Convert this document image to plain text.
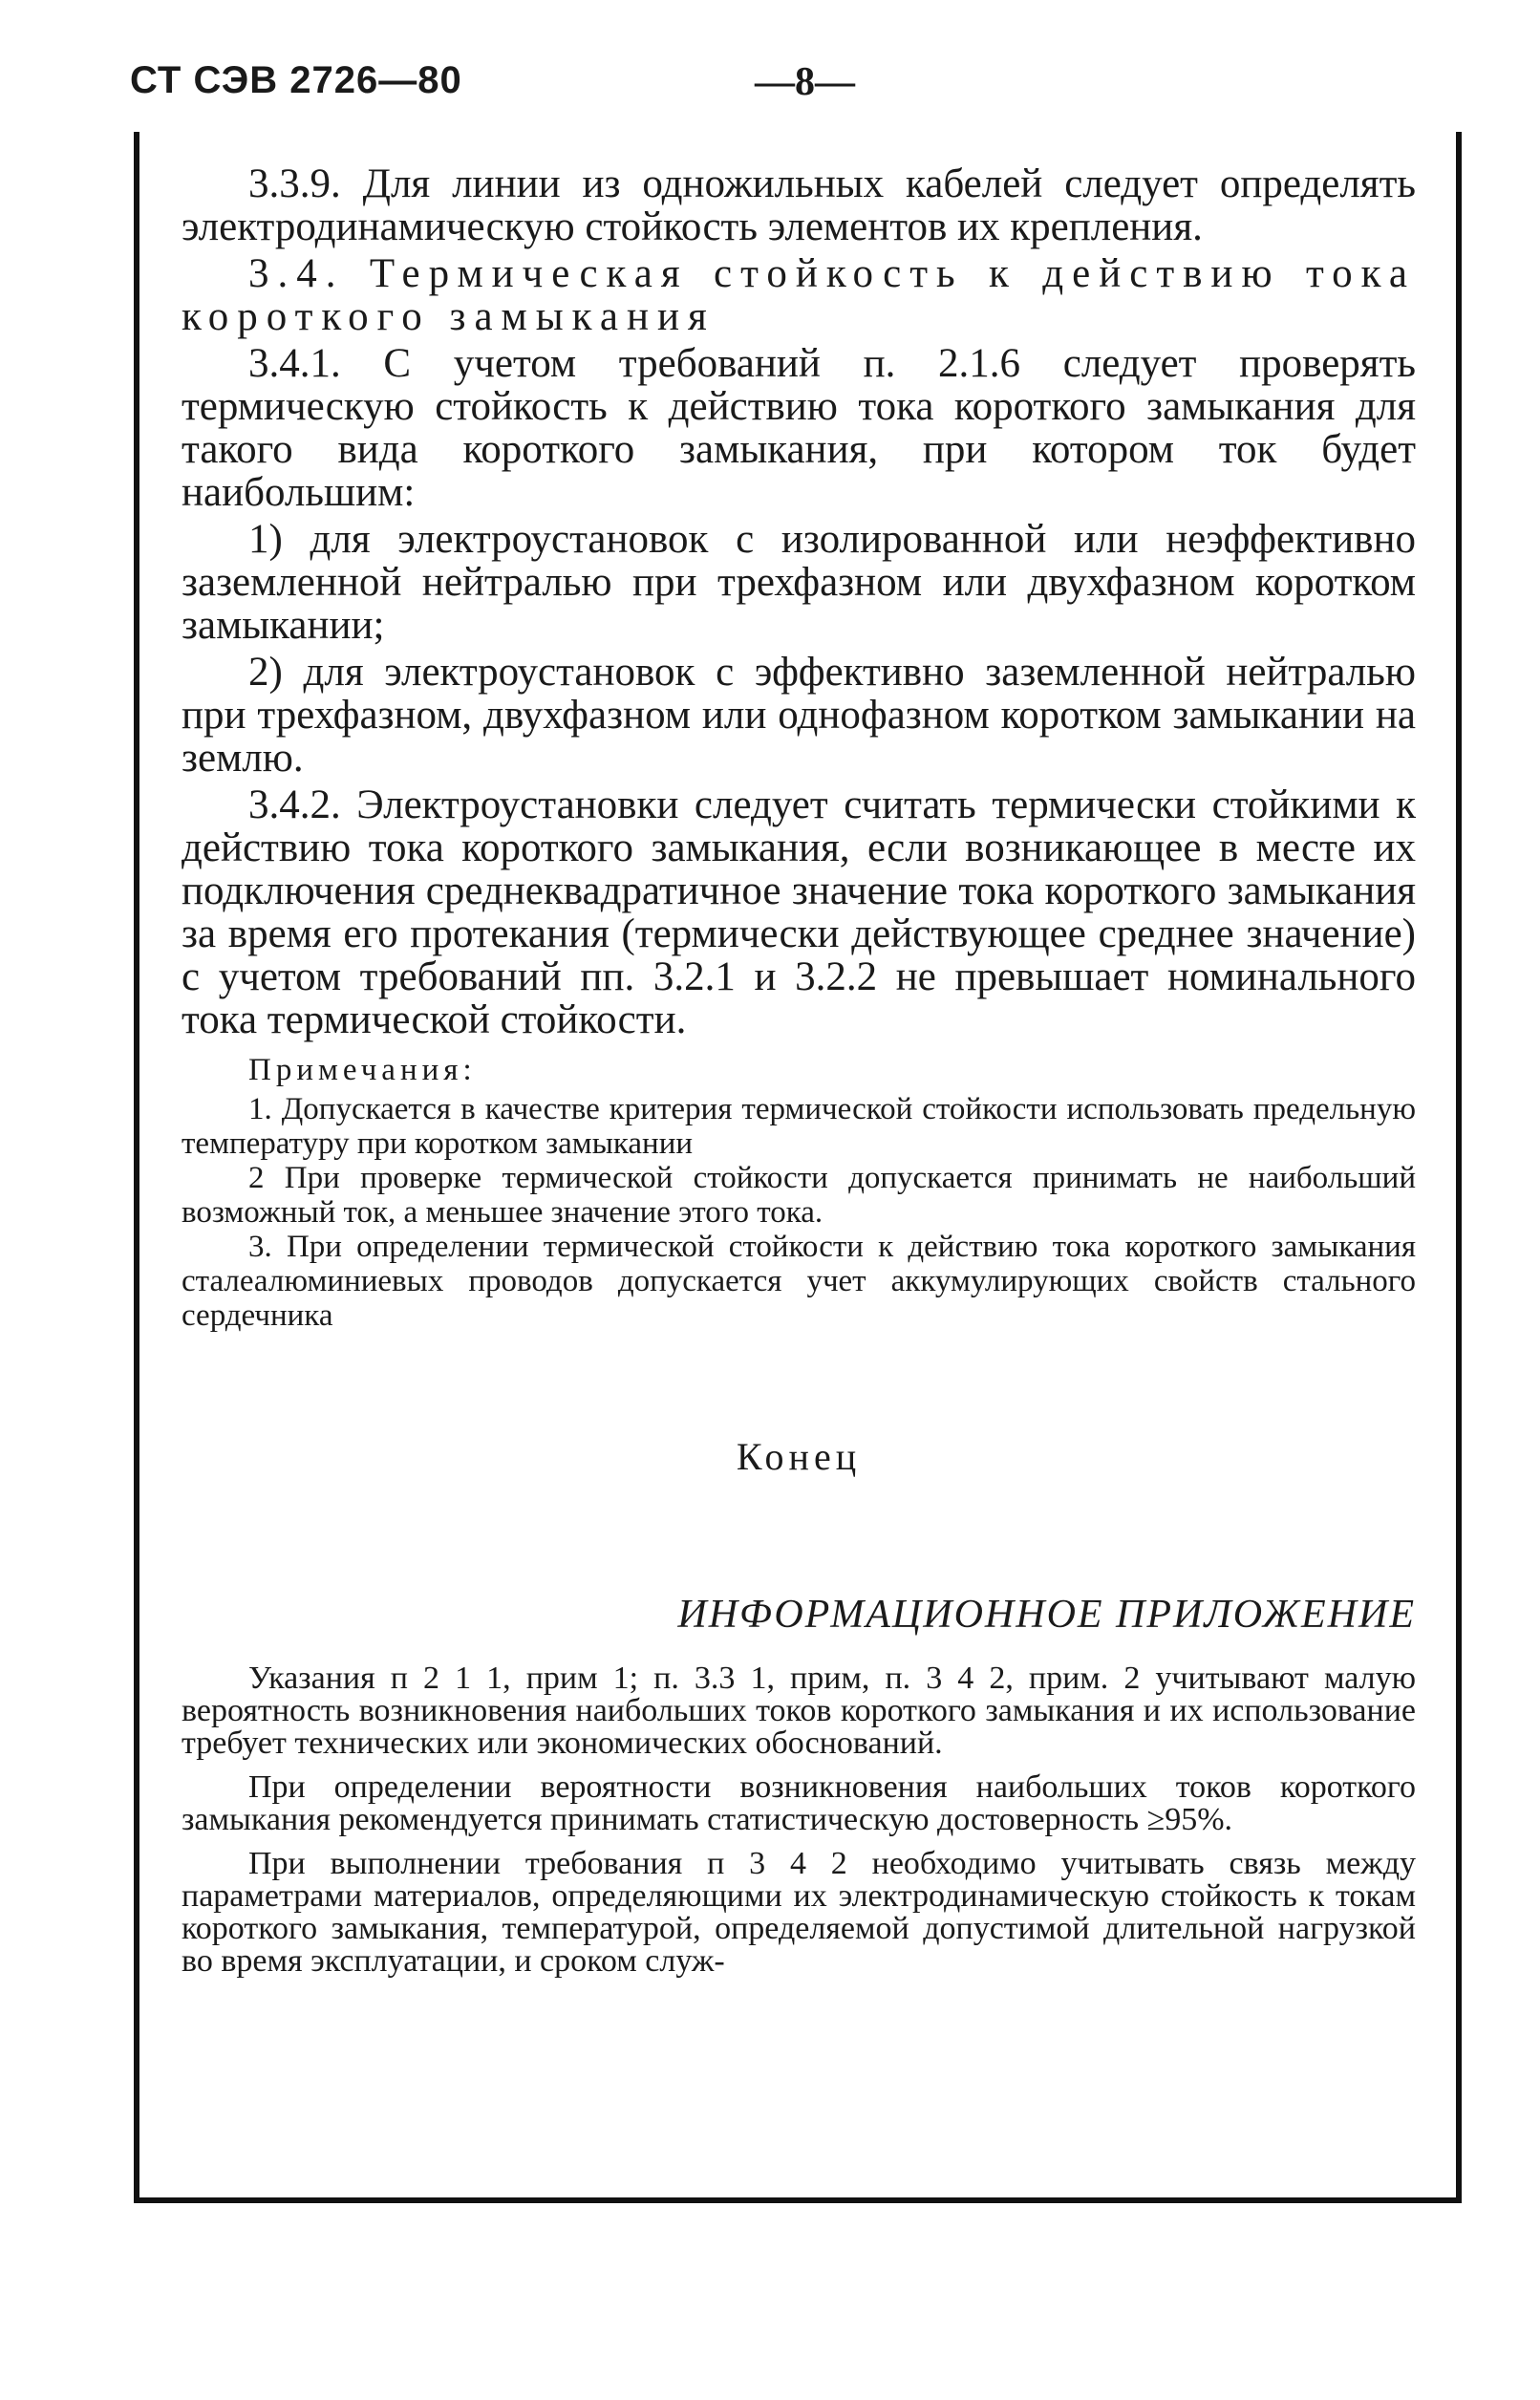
СТ СЭВ 2726—80	—8—

3.3.9. Для линии из одножильных кабелей следует определять электродинамическую стойкость элементов их крепления.

3.4. Термическая стойкость к действию тока короткого замыкания

3.4.1. С учетом требований п. 2.1.6 следует проверять термическую стойкость к действию тока короткого замыкания для такого вида короткого замыкания, при котором ток будет наибольшим:

1) для электроустановок с изолированной или неэффективно заземленной нейтралью при трехфазном или двухфазном коротком замыкании;

2) для электроустановок с эффективно заземленной нейтралью при трехфазном, двухфазном или однофазном коротком замыкании на землю.

3.4.2. Электроустановки следует считать термически стойкими к действию тока короткого замыкания, если возникающее в месте их подключения среднеквадратичное значение тока короткого замыкания за время его протекания (термически действующее среднее значение) с учетом требований пп. 3.2.1 и 3.2.2 не превышает номинального тока термической стойкости.

Примечания:

1. Допускается в качестве критерия термической стойкости использовать предельную температуру при коротком замыкании

2 При проверке термической стойкости допускается принимать не наибольший возможный ток, а меньшее значение этого тока.

3. При определении термической стойкости к действию тока короткого замыкания сталеалюминиевых проводов допускается учет аккумулирующих свойств стального сердечника

Конец
ИНФОРМАЦИОННОЕ ПРИЛОЖЕНИЕ

Указания п 2 1 1, прим 1; п. 3.3 1, прим, п. 3 4 2, прим. 2 учитывают малую вероятность возникновения наибольших токов короткого замыкания и их использование требует технических или экономических обоснований.

При определении вероятности возникновения наибольших токов короткого замыкания рекомендуется принимать статистическую достоверность ≥95%.

При выполнении требования п 3 4 2 необходимо учитывать связь между параметрами материалов, определяющими их электродинамическую стойкость к токам короткого замыкания, температурой, определяемой допустимой длительной нагрузкой во время эксплуатации, и сроком служ-
